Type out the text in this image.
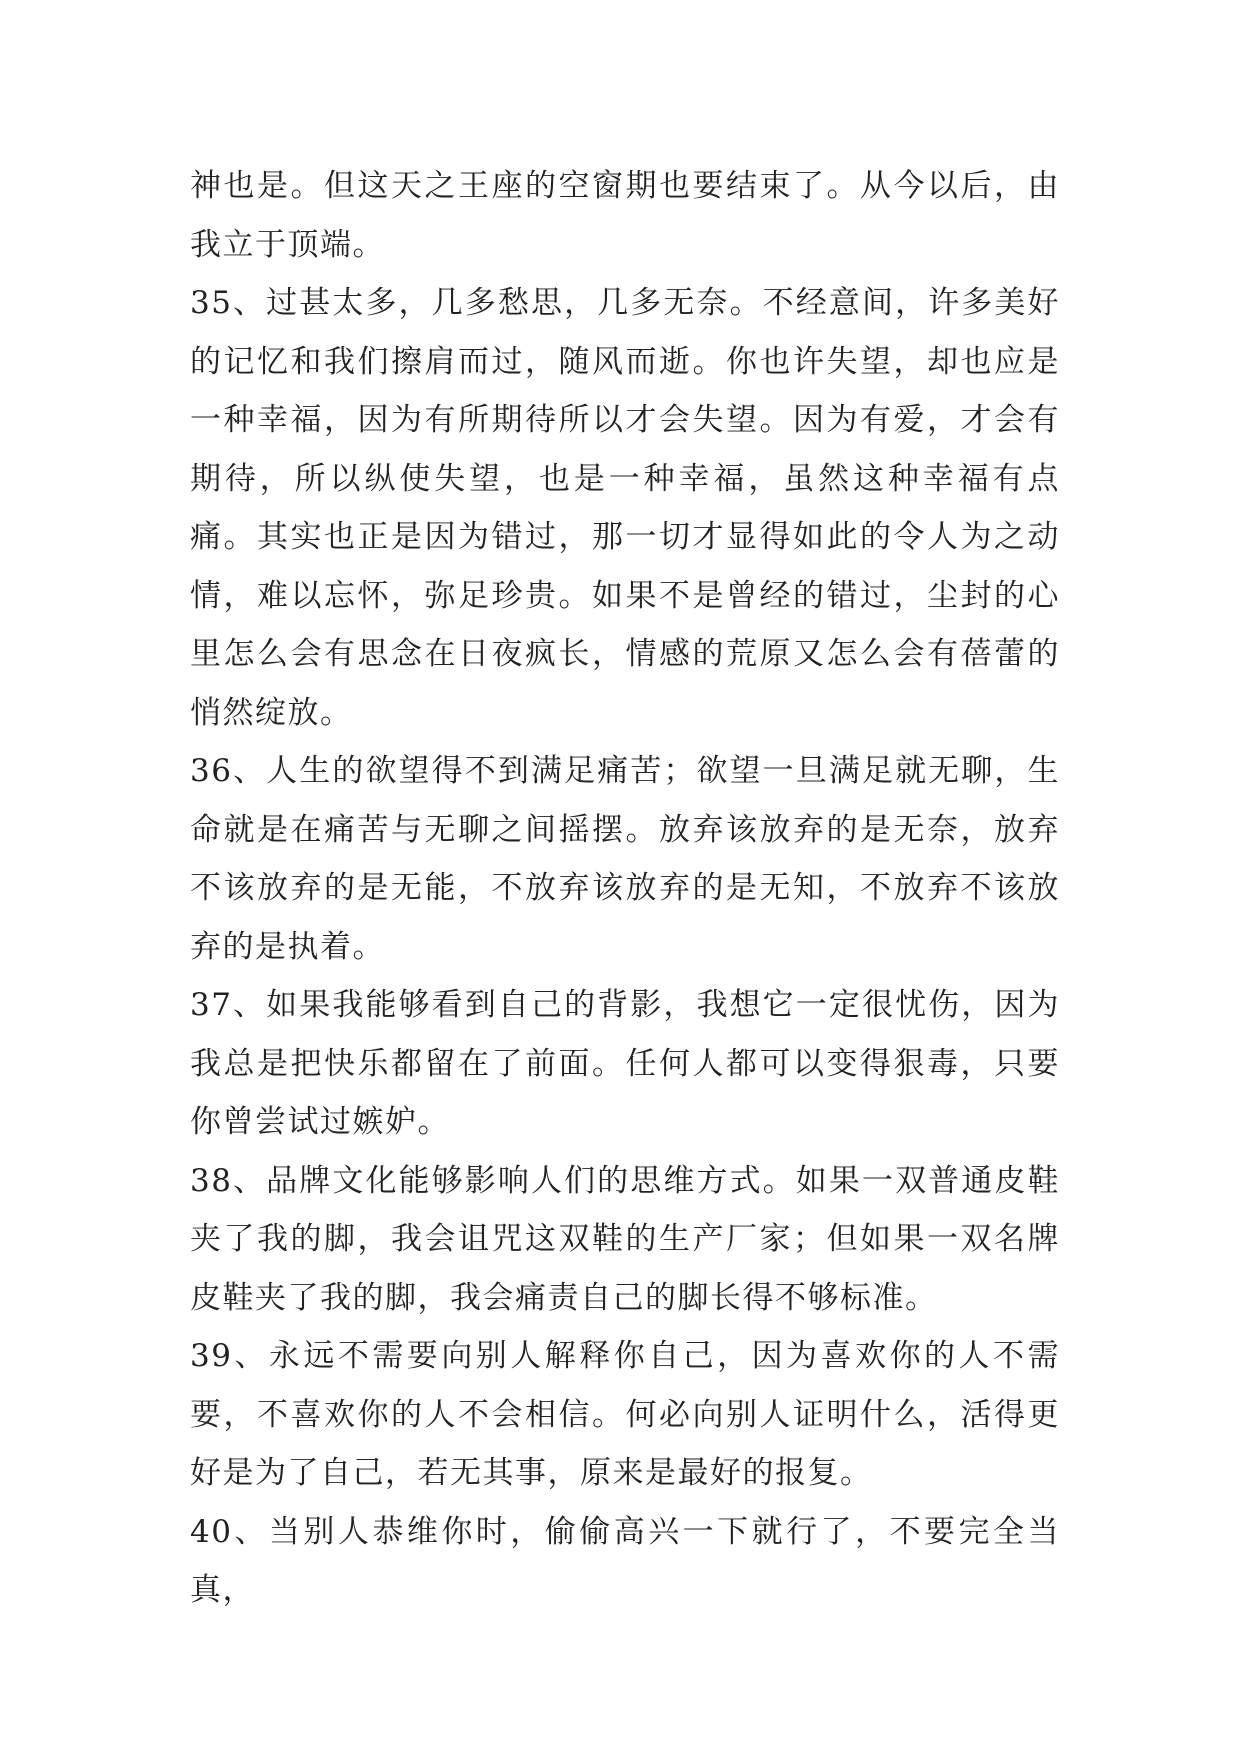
神也是。但这天之王座的空窗期也要结束了。从今以后，由我立于顶端。

35、过甚太多，几多愁思，几多无奈。不经意间，许多美好的记忆和我们擦肩而过，随风而逝。你也许失望，却也应是一种幸福，因为有所期待所以才会失望。因为有爱，才会有期待，所以纵使失望，也是一种幸福，虽然这种幸福有点痛。其实也正是因为错过，那一切才显得如此的令人为之动情，难以忘怀，弥足珍贵。如果不是曾经的错过，尘封的心里怎么会有思念在日夜疯长，情感的荒原又怎么会有蓓蕾的悄然绽放。

36、人生的欲望得不到满足痛苦；欲望一旦满足就无聊，生命就是在痛苦与无聊之间摇摆。放弃该放弃的是无奈，放弃不该放弃的是无能，不放弃该放弃的是无知，不放弃不该放弃的是执着。

37、如果我能够看到自己的背影，我想它一定很忧伤，因为我总是把快乐都留在了前面。任何人都可以变得狠毒，只要你曾尝试过嫉妒。

38、品牌文化能够影响人们的思维方式。如果一双普通皮鞋夹了我的脚，我会诅咒这双鞋的生产厂家；但如果一双名牌皮鞋夹了我的脚，我会痛责自己的脚长得不够标准。

39、永远不需要向别人解释你自己，因为喜欢你的人不需要，不喜欢你的人不会相信。何必向别人证明什么，活得更好是为了自己，若无其事，原来是最好的报复。

40、当别人恭维你时，偷偷高兴一下就行了，不要完全当真，
